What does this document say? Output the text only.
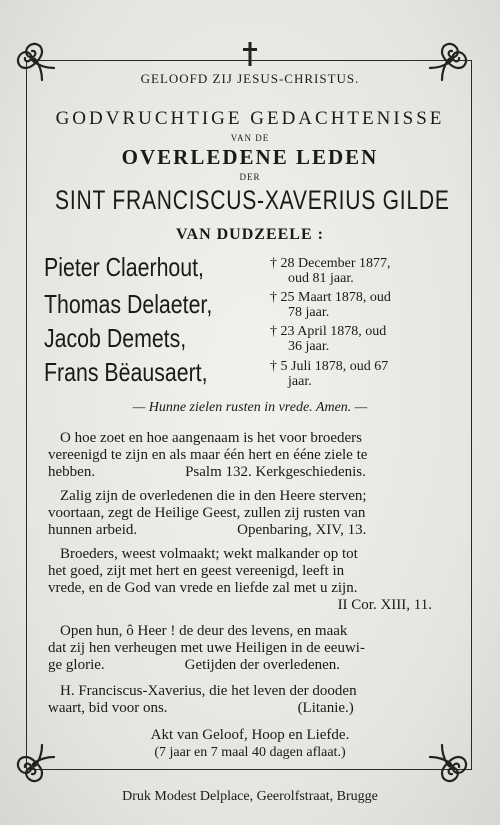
GELOOFD ZIJ JESUS-CHRISTUS.
GODVRUCHTIGE GEDACHTENISSE
VAN DE
OVERLEDENE LEDEN
DER
SINT FRANCISCUS-XAVERIUS GILDE
VAN DUDZEELE :
Pieter Claerhout,	† 28 December 1877,
oud 81 jaar.
Thomas Delaeter,	† 25 Maart 1878, oud
78 jaar.
Jacob Demets,	† 23 April 1878, oud
36 jaar.
Frans Bëausaert,	† 5 Juli 1878, oud 67
jaar.
— Hunne zielen rusten in vrede. Amen. —
O hoe zoet en hoe aangenaam is het voor broeders
vereenigd te zijn en als maar één hert en ééne ziele te
hebben.	Psalm 132. Kerkgeschiedenis.
Zalig zijn de overledenen die in den Heere sterven;
voortaan, zegt de Heilige Geest, zullen zij rusten van
hunnen arbeid.	Openbaring, XIV, 13.
Broeders, weest volmaakt; wekt malkander op tot
het goed, zijt met hert en geest vereenigd, leeft in
vrede, en de God van vrede en liefde zal met u zijn.
II Cor. XIII, 11.
Open hun, ô Heer ! de deur des levens, en maak
dat zij hen verheugen met uwe Heiligen in de eeuwi-
ge glorie.	Getijden der overledenen.
H. Franciscus-Xaverius, die het leven der dooden
waart, bid voor ons.	(Litanie.)
Akt van Geloof, Hoop en Liefde.
(7 jaar en 7 maal 40 dagen aflaat.)
Druk Modest Delplace, Geerolfstraat, Brugge
